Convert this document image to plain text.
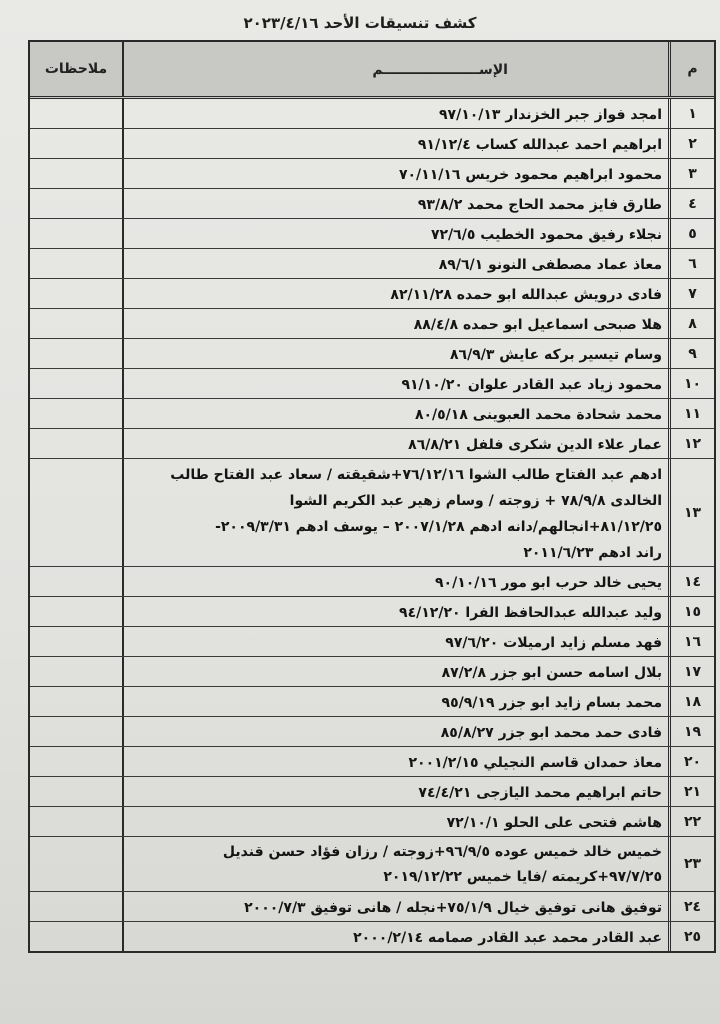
كشف تنسيقات الأحد ٢٠٢٣/٤/١٦
م
الإســــــــــــــــــــم
ملاحظات
١
امجد فواز جبر الخزندار ٩٧/١٠/١٣
٢
ابراهيم احمد عبدالله كساب ٩١/١٢/٤
٣
محمود ابراهيم محمود خريس ٧٠/١١/١٦
٤
طارق فايز محمد الحاج محمد ٩٣/٨/٢
٥
نجلاء رفيق محمود الخطيب ٧٢/٦/٥
٦
معاذ عماد مصطفى النونو ٨٩/٦/١
٧
فادى درويش عبدالله ابو حمده ٨٢/١١/٢٨
٨
هلا صبحى اسماعيل ابو حمده ٨٨/٤/٨
٩
وسام تيسير بركه عايش ٨٦/٩/٣
١٠
محمود زياد عبد القادر علوان ٩١/١٠/٢٠
١١
محمد شحادة محمد العبوينى ٨٠/٥/١٨
١٢
عمار علاء الدين شكرى فلفل ٨٦/٨/٢١
١٣
ادهم عبد الفتاح طالب الشوا ٧٦/١٢/١٦+شقيقته / سعاد عبد الفتاح طالب
الخالدى ٧٨/٩/٨ + زوجته / وسام زهير عبد الكريم الشوا
٨١/١٢/٢٥+انجالهم/دانه ادهم ٢٠٠٧/١/٢٨ – يوسف ادهم ٢٠٠٩/٣/٣١-
راند ادهم ٢٠١١/٦/٢٣
١٤
يحيى خالد حرب ابو مور ٩٠/١٠/١٦
١٥
وليد عبدالله عبدالحافظ الفرا ٩٤/١٢/٢٠
١٦
فهد مسلم زايد ارميلات ٩٧/٦/٢٠
١٧
بلال اسامه حسن ابو جزر ٨٧/٢/٨
١٨
محمد بسام زايد ابو جزر ٩٥/٩/١٩
١٩
فادى حمد محمد ابو جزر ٨٥/٨/٢٧
٢٠
معاذ حمدان قاسم النجيلي ٢٠٠١/٢/١٥
٢١
حاتم ابراهيم محمد اليازجى ٧٤/٤/٢١
٢٢
هاشم فتحى على الحلو ٧٢/١٠/١
٢٣
خميس خالد خميس عوده ٩٦/٩/٥+زوجته / رزان فؤاد حسن قنديل
٩٧/٧/٢٥+كريمته /فايا خميس ٢٠١٩/١٢/٢٢
٢٤
توفيق هانى توفيق خيال ٧٥/١/٩+نجله / هانى توفيق ٢٠٠٠/٧/٣
٢٥
عبد القادر محمد عبد القادر صمامه ٢٠٠٠/٢/١٤
